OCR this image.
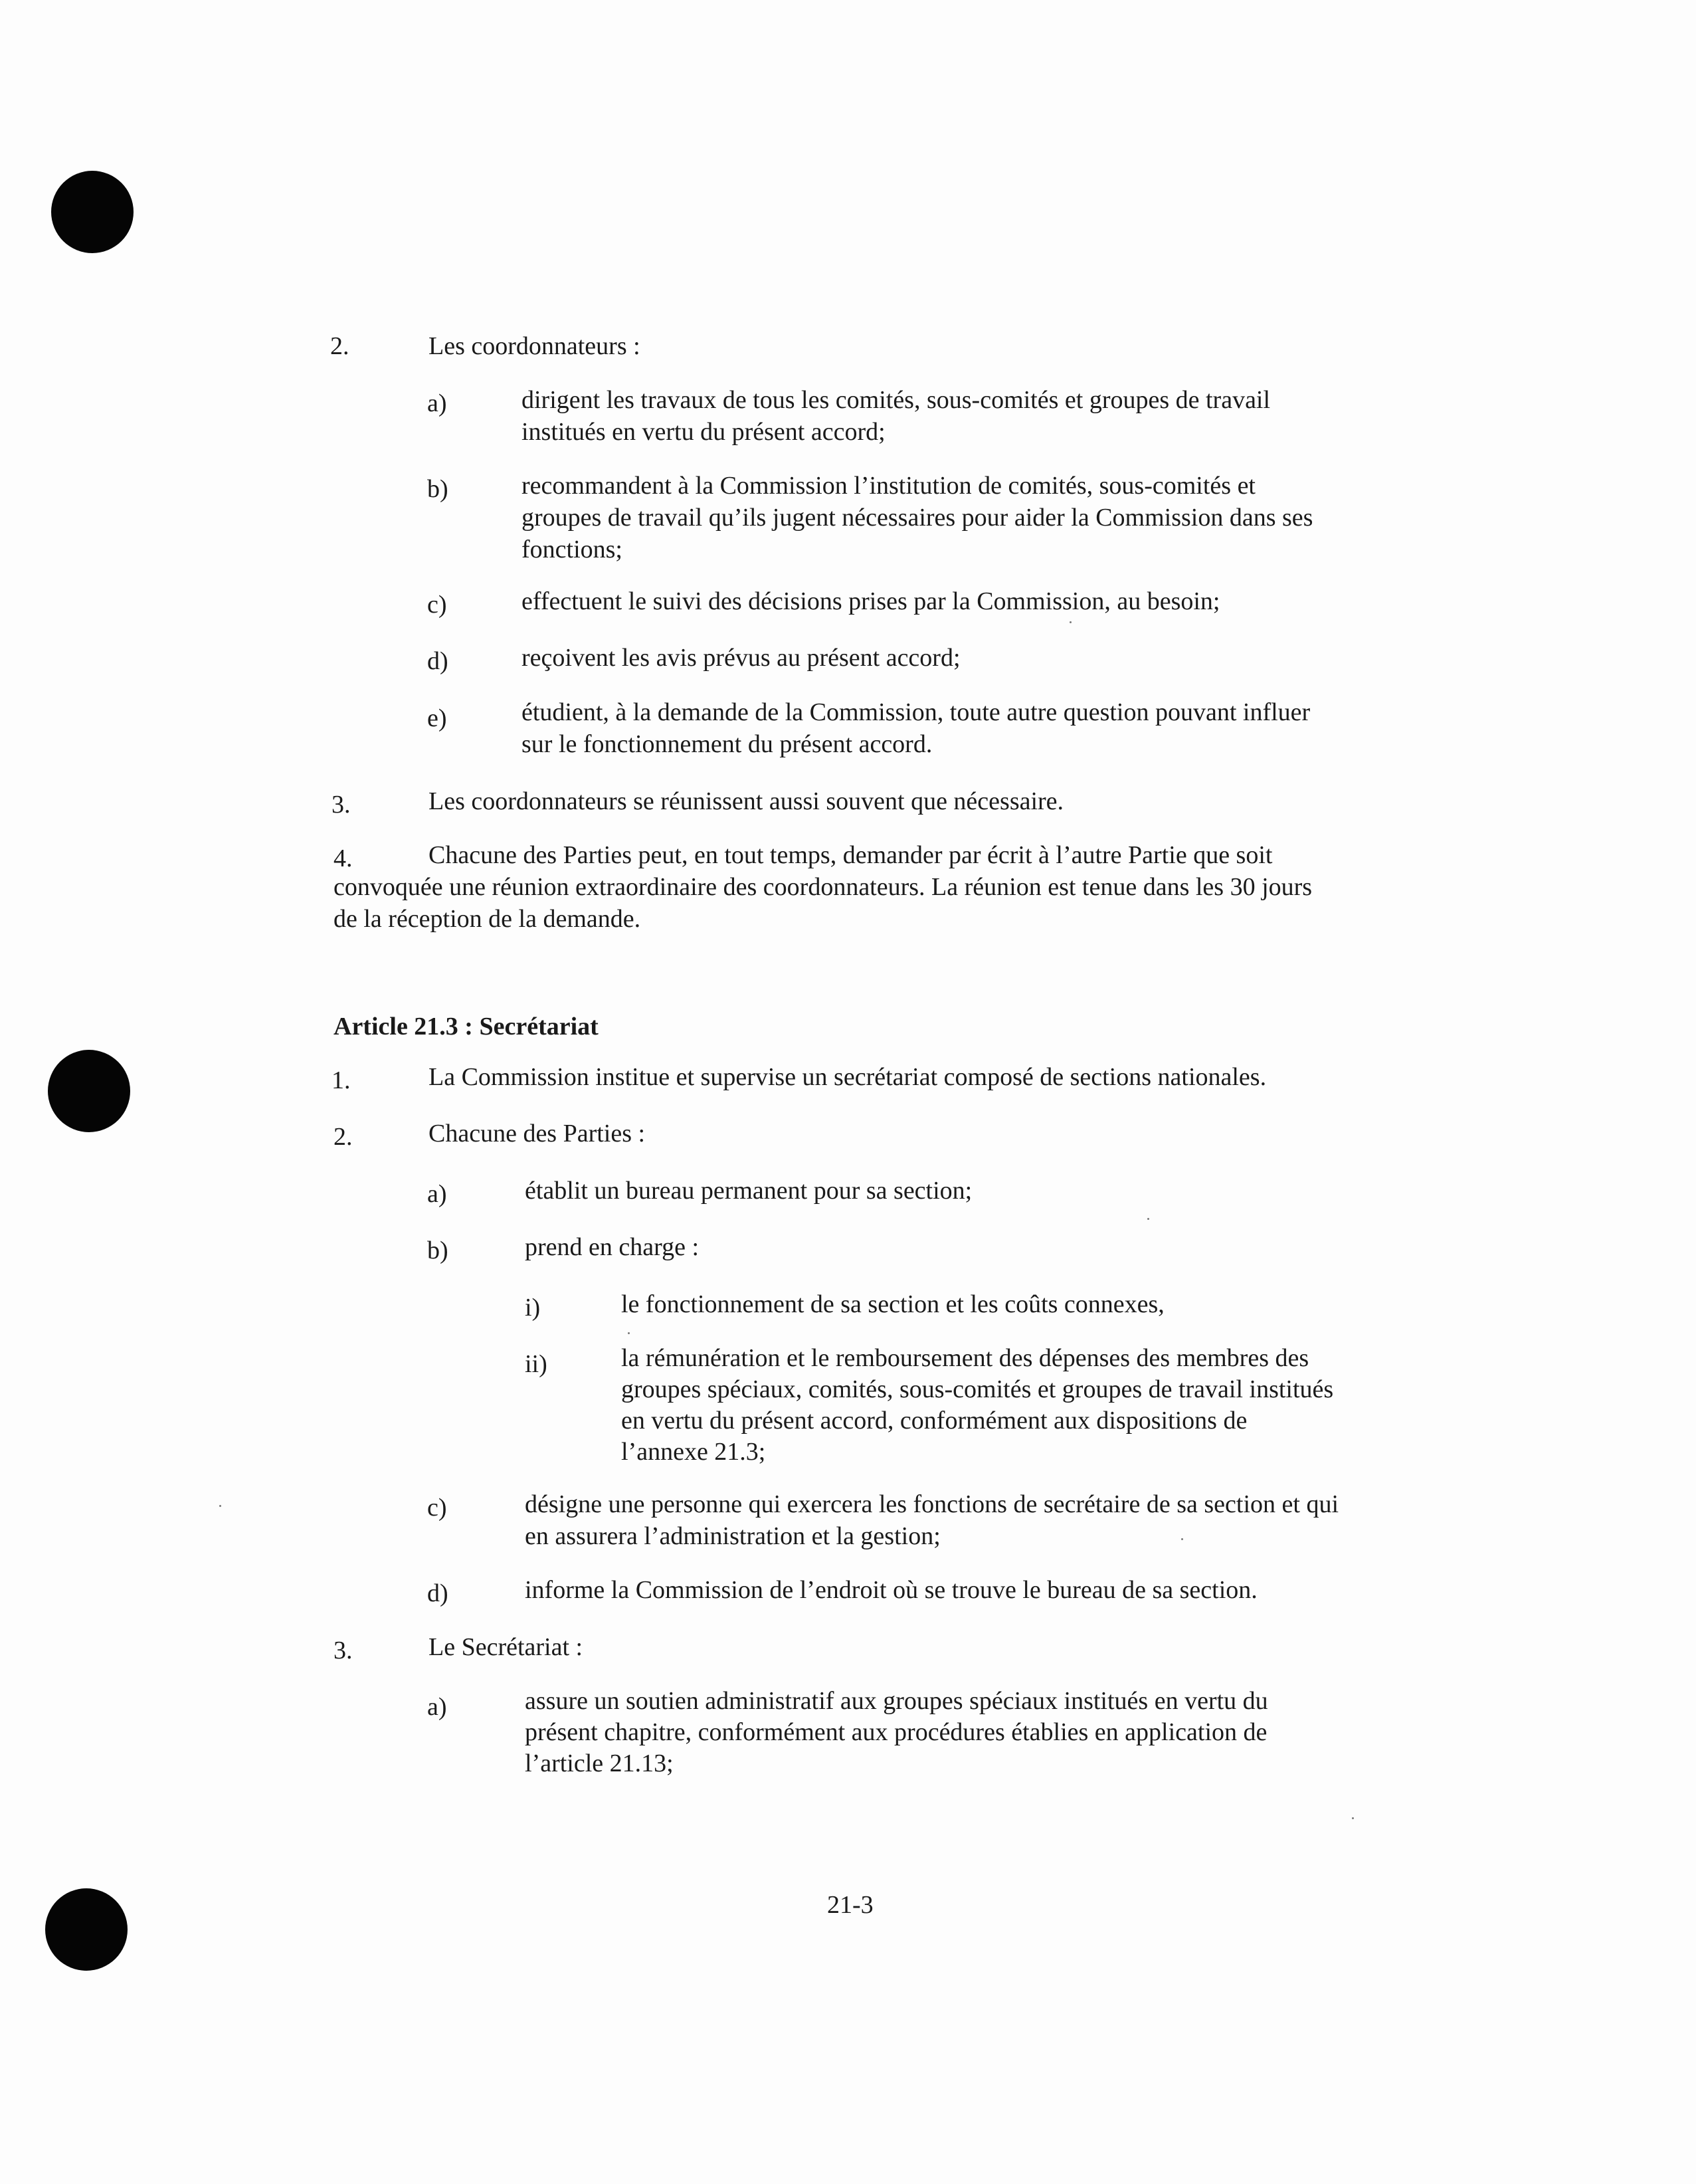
2.	Les coordonnateurs :
a)	dirigent les travaux de tous les comités, sous-comités et groupes de travail
institués en vertu du présent accord;
b)	recommandent à la Commission l’institution de comités, sous-comités et
groupes de travail qu’ils jugent nécessaires pour aider la Commission dans ses
fonctions;
c)	effectuent le suivi des décisions prises par la Commission, au besoin;
d)	reçoivent les avis prévus au présent accord;
e)	étudient, à la demande de la Commission, toute autre question pouvant influer
sur le fonctionnement du présent accord.
3.	Les coordonnateurs se réunissent aussi souvent que nécessaire.
4.	Chacune des Parties peut, en tout temps, demander par écrit à l’autre Partie que soit
convoquée une réunion extraordinaire des coordonnateurs. La réunion est tenue dans les 30 jours
de la réception de la demande.
Article 21.3 : Secrétariat
1.	La Commission institue et supervise un secrétariat composé de sections nationales.
2.	Chacune des Parties :
a)	établit un bureau permanent pour sa section;
b)	prend en charge :
i)	le fonctionnement de sa section et les coûts connexes,
ii)	la rémunération et le remboursement des dépenses des membres des
groupes spéciaux, comités, sous-comités et groupes de travail institués
en vertu du présent accord, conformément aux dispositions de
l’annexe 21.3;
c)	désigne une personne qui exercera les fonctions de secrétaire de sa section et qui
en assurera l’administration et la gestion;
d)	informe la Commission de l’endroit où se trouve le bureau de sa section.
3.	Le Secrétariat :
a)	assure un soutien administratif aux groupes spéciaux institués en vertu du
présent chapitre, conformément aux procédures établies en application de
l’article 21.13;
21-3
